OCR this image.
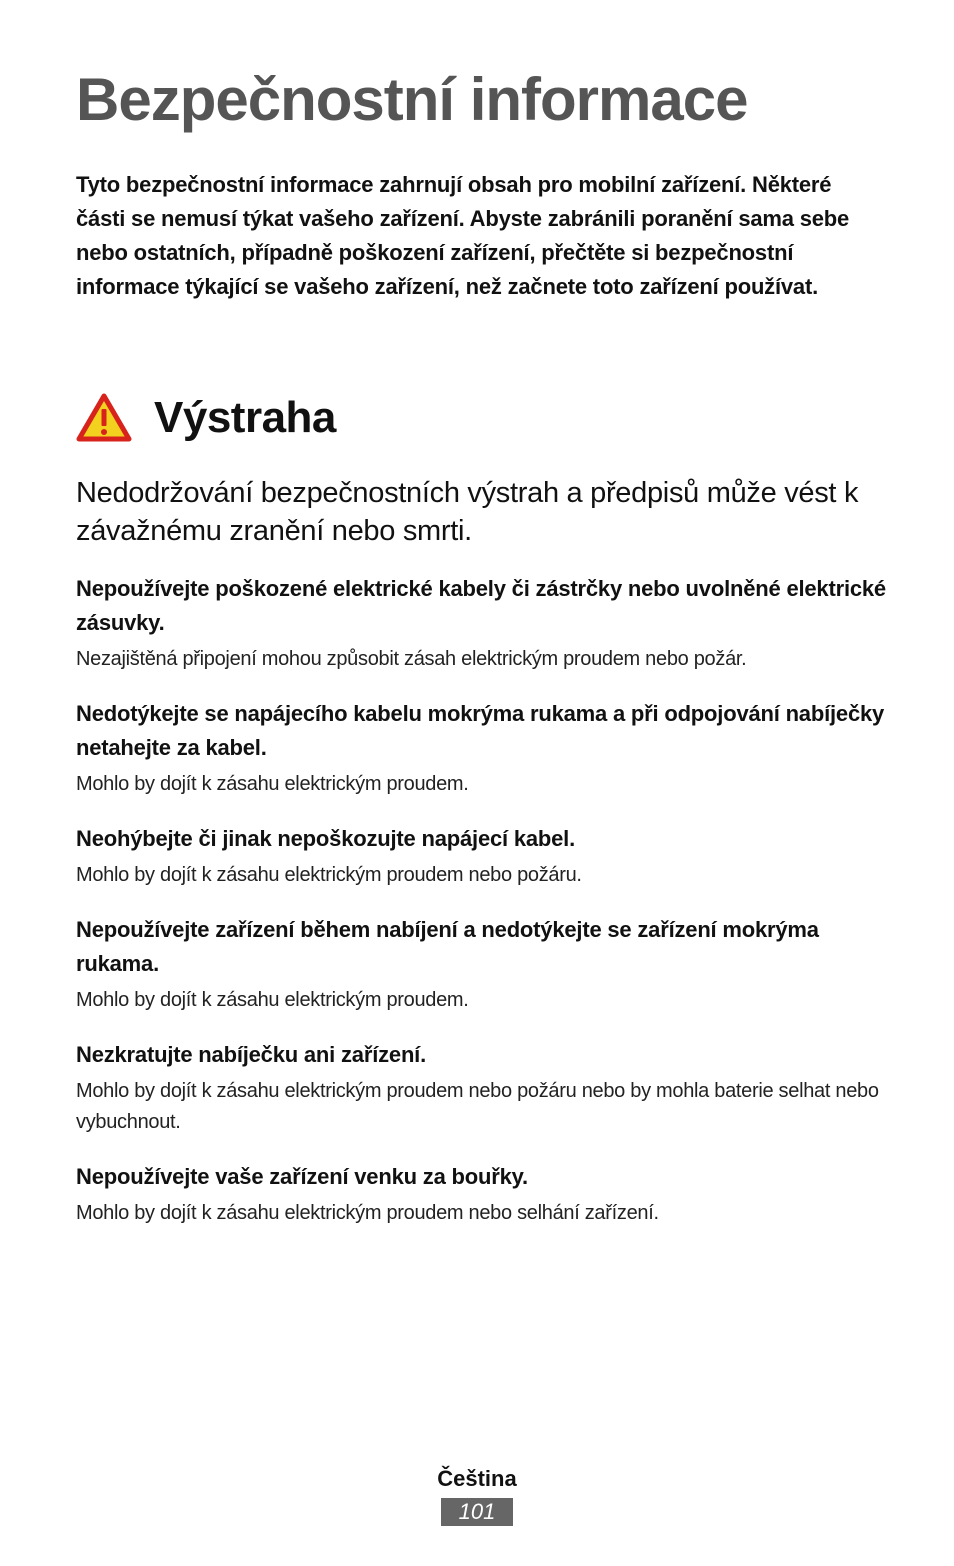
Bezpečnostní informace
Tyto bezpečnostní informace zahrnují obsah pro mobilní zařízení. Některé části se nemusí týkat vašeho zařízení. Abyste zabránili poranění sama sebe nebo ostatních, případně poškození zařízení, přečtěte si bezpečnostní informace týkající se vašeho zařízení, než začnete toto zařízení používat.
Výstraha
Nedodržování bezpečnostních výstrah a předpisů může vést k závažnému zranění nebo smrti.
Nepoužívejte poškozené elektrické kabely či zástrčky nebo uvolněné elektrické zásuvky.
Nezajištěná připojení mohou způsobit zásah elektrickým proudem nebo požár.
Nedotýkejte se napájecího kabelu mokrýma rukama a při odpojování nabíječky netahejte za kabel.
Mohlo by dojít k zásahu elektrickým proudem.
Neohýbejte či jinak nepoškozujte napájecí kabel.
Mohlo by dojít k zásahu elektrickým proudem nebo požáru.
Nepoužívejte zařízení během nabíjení a nedotýkejte se zařízení mokrýma rukama.
Mohlo by dojít k zásahu elektrickým proudem.
Nezkratujte nabíječku ani zařízení.
Mohlo by dojít k zásahu elektrickým proudem nebo požáru nebo by mohla baterie selhat nebo vybuchnout.
Nepoužívejte vaše zařízení venku za bouřky.
Mohlo by dojít k zásahu elektrickým proudem nebo selhání zařízení.
Čeština
101
